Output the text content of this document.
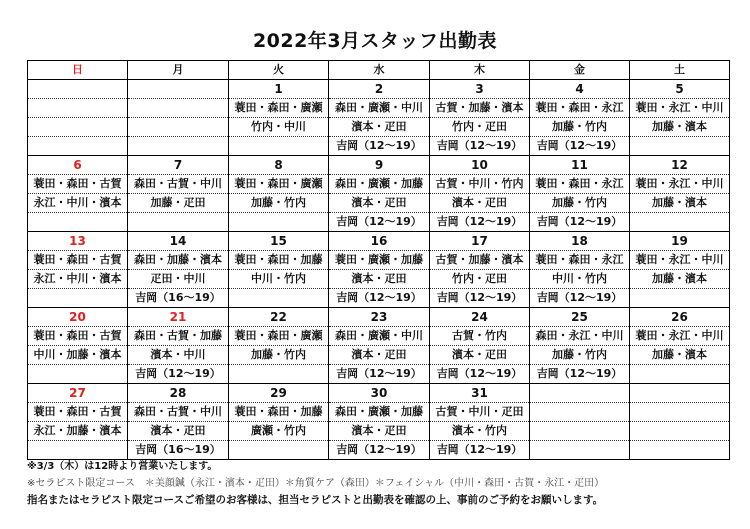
2022年3月スタッフ出勤表
日	月	火	水	木	金	土
		1	2	3	4	5
		蓑田・森田・廣瀬	森田・廣瀬・中川	古賀・加藤・濱本	蓑田・森田・永江	蓑田・永江・中川
		竹内・中川	濱本・疋田	竹内・疋田	加藤・竹内	加藤・濱本
			吉岡（12〜19）	吉岡（12〜19）	吉岡（12〜19）	
6	7	8	9	10	11	12
蓑田・森田・古賀	森田・古賀・中川	蓑田・森田・廣瀬	森田・廣瀬・加藤	古賀・中川・竹内	蓑田・森田・永江	蓑田・永江・中川
永江・中川・濱本	加藤・疋田	加藤・竹内	濱本・疋田	濱本・疋田	加藤・竹内	加藤・濱本
			吉岡（12〜19）	吉岡（12〜19）	吉岡（12〜19）	
13	14	15	16	17	18	19
蓑田・森田・古賀	森田・加藤・濱本	蓑田・森田・加藤	蓑田・廣瀬・加藤	古賀・加藤・濱本	蓑田・森田・永江	蓑田・永江・中川
永江・中川・濱本	疋田・中川	中川・竹内	濱本・疋田	竹内・疋田	中川・竹内	加藤・濱本
	吉岡（16〜19）		吉岡（12〜19）	吉岡（12〜19）	吉岡（12〜19）	
20	21	22	23	24	25	26
蓑田・森田・古賀	森田・古賀・加藤	蓑田・森田・廣瀬	森田・廣瀬・中川	古賀・竹内	森田・永江・中川	蓑田・永江・中川
中川・加藤・濱本	濱本・中川	加藤・竹内	濱本・疋田	濱本・疋田	加藤・竹内	加藤・濱本
	吉岡（12〜19）		吉岡（12〜19）	吉岡（12〜19）	吉岡（12〜19）	
27	28	29	30	31		
蓑田・森田・古賀	森田・古賀・中川	蓑田・森田・加藤	森田・廣瀬・加藤	古賀・中川・疋田		
永江・加藤・濱本	濱本・疋田	廣瀬・竹内	濱本・疋田	濱本・竹内		
	吉岡（16〜19）		吉岡（12〜19）	吉岡（12〜19）		
※3/3（木）は12時より営業いたします。
※セラピスト限定コース　＊美顔鍼（永江・濱本・疋田）＊角質ケア（森田）＊フェイシャル（中川・森田・古賀・永江・疋田）
指名またはセラピスト限定コースご希望のお客様は、担当セラピストと出勤表を確認の上、事前のご予約をお願いします。
